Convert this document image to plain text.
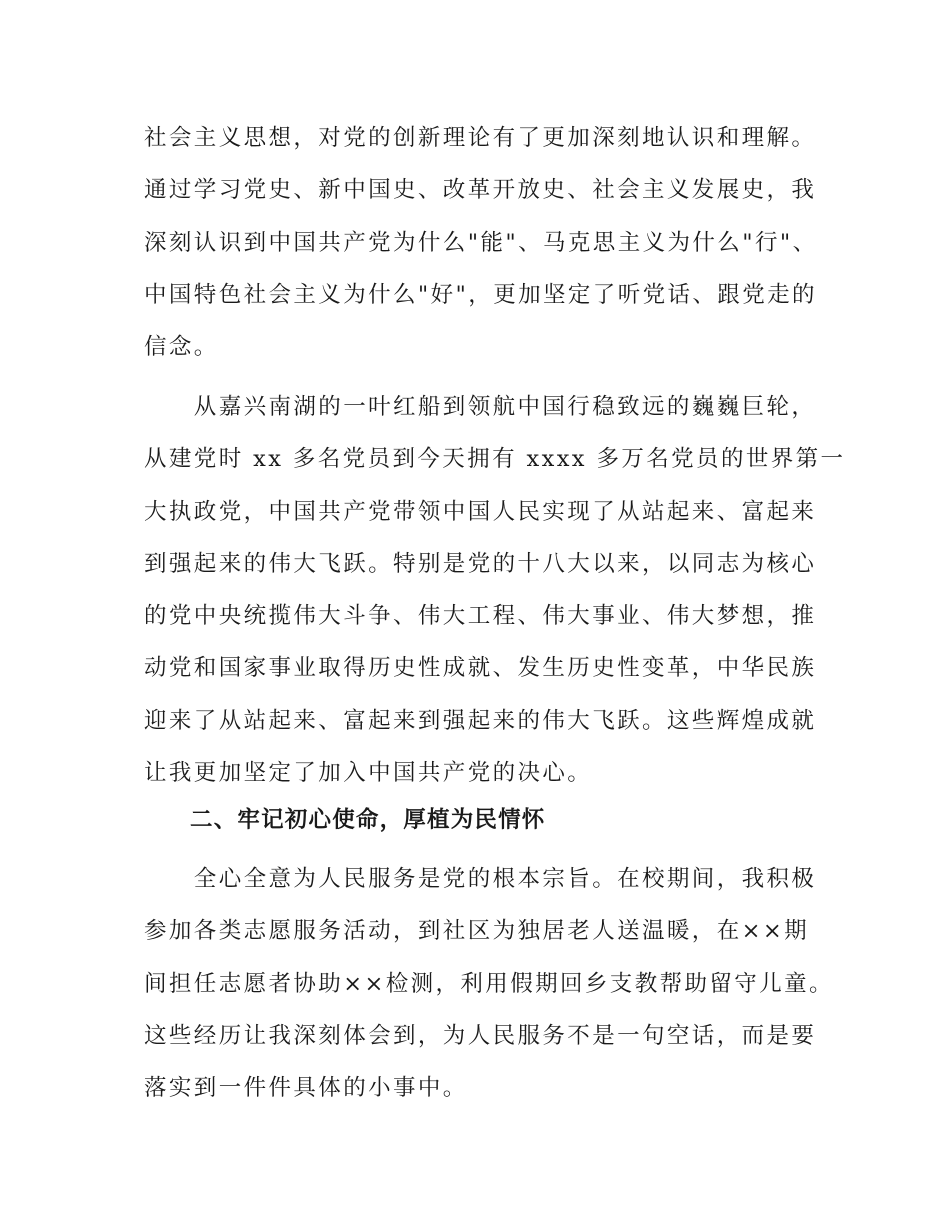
社会主义思想，对党的创新理论有了更加深刻地认识和理解。
通过学习党史、新中国史、改革开放史、社会主义发展史，我
深刻认识到中国共产党为什么"能"、马克思主义为什么"行"、
中国特色社会主义为什么"好"，更加坚定了听党话、跟党走的
信念。
　　从嘉兴南湖的一叶红船到领航中国行稳致远的巍巍巨轮，
从建党时 xx 多名党员到今天拥有 xxxx 多万名党员的世界第一
大执政党，中国共产党带领中国人民实现了从站起来、富起来
到强起来的伟大飞跃。特别是党的十八大以来，以同志为核心
的党中央统揽伟大斗争、伟大工程、伟大事业、伟大梦想，推
动党和国家事业取得历史性成就、发生历史性变革，中华民族
迎来了从站起来、富起来到强起来的伟大飞跃。这些辉煌成就
让我更加坚定了加入中国共产党的决心。
二、牢记初心使命，厚植为民情怀
　　全心全意为人民服务是党的根本宗旨。在校期间，我积极
参加各类志愿服务活动，到社区为独居老人送温暖，在××期
间担任志愿者协助××检测，利用假期回乡支教帮助留守儿童。
这些经历让我深刻体会到，为人民服务不是一句空话，而是要
落实到一件件具体的小事中。
